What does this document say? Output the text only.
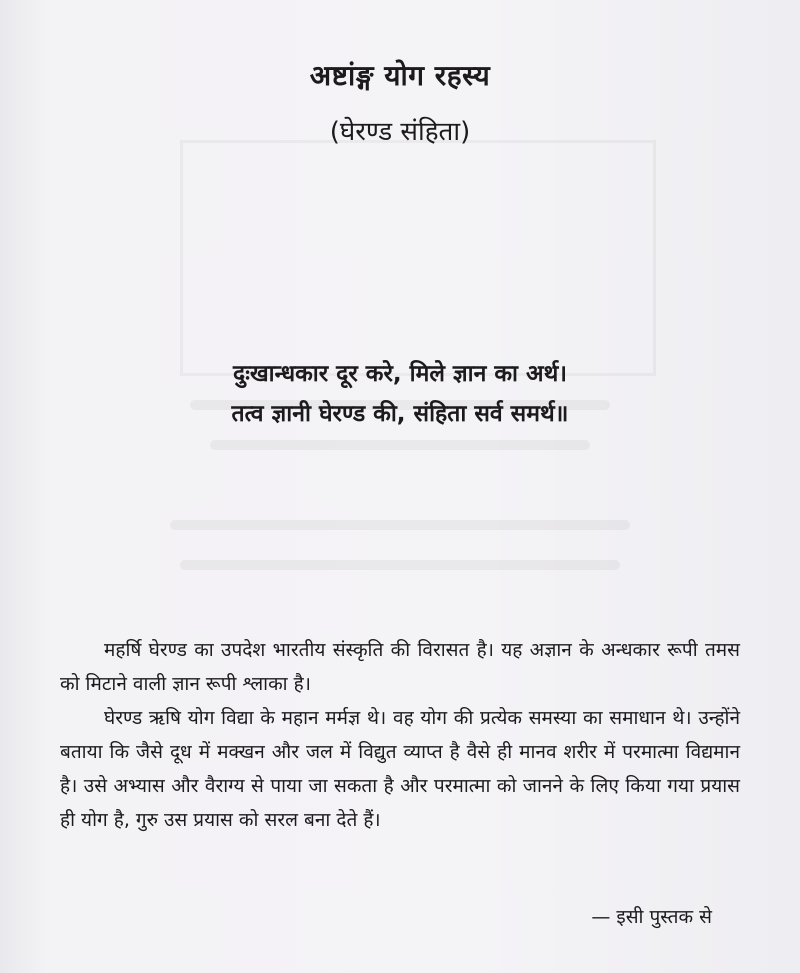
अष्टांङ्ग योग रहस्य
(घेरण्ड संहिता)
दुःखान्धकार दूर करे, मिले ज्ञान का अर्थ।
तत्व ज्ञानी घेरण्ड की, संहिता सर्व समर्थ॥

महर्षि घेरण्ड का उपदेश भारतीय संस्कृति की विरासत है। यह अज्ञान के अन्धकार रूपी तमस को मिटाने वाली ज्ञान रूपी श्लाका है।

घेरण्ड ऋषि योग विद्या के महान मर्मज्ञ थे। वह योग की प्रत्येक समस्या का समाधान थे। उन्होंने बताया कि जैसे दूध में मक्खन और जल में विद्युत व्याप्त है वैसे ही मानव शरीर में परमात्मा विद्यमान है। उसे अभ्यास और वैराग्य से पाया जा सकता है और परमात्मा को जानने के लिए किया गया प्रयास ही योग है, गुरु उस प्रयास को सरल बना देते हैं।

— इसी पुस्तक से
